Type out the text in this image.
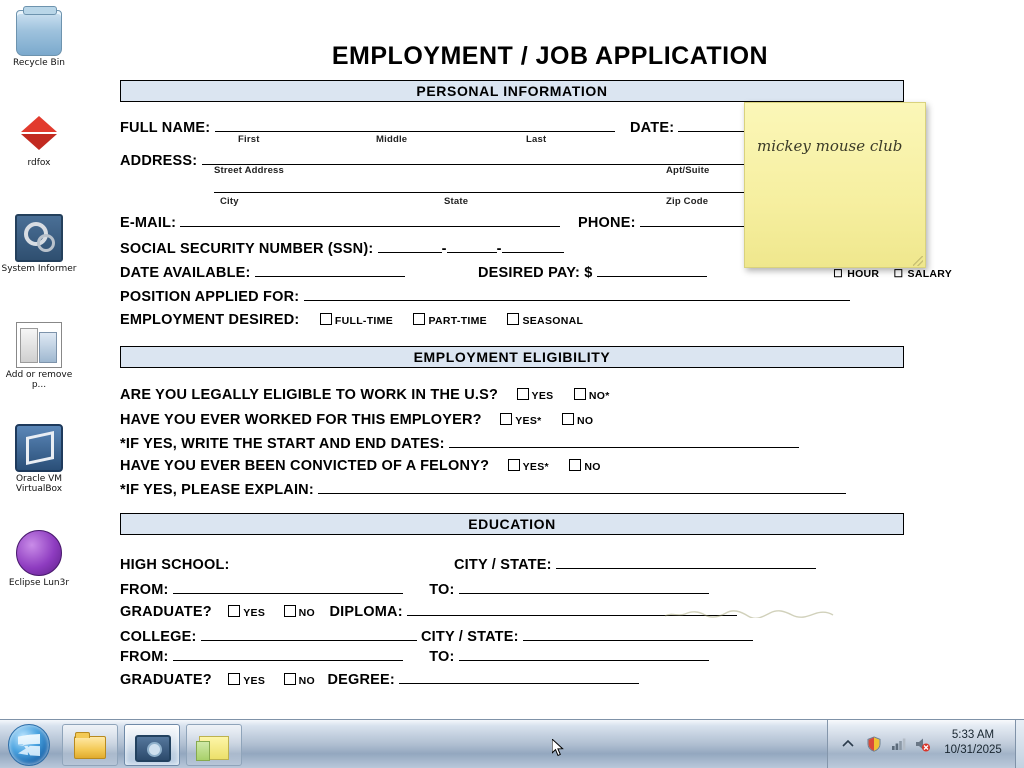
Recycle Bin
rdfox
System Informer
Add or remove p...
Oracle VM VirtualBox
Eclipse Lun3r
EMPLOYMENT / JOB APPLICATION
PERSONAL INFORMATION
FULL NAME:	DATE:
First	Middle	Last
ADDRESS:
Street Address	Apt/Suite
City	State	Zip Code
E-MAIL:	PHONE:
SOCIAL SECURITY NUMBER (SSN):	-	-
DATE AVAILABLE:	DESIRED PAY: $	☐ HOUR ☐ SALARY
POSITION APPLIED FOR:
EMPLOYMENT DESIRED:	FULL-TIME	PART-TIME	SEASONAL
EMPLOYMENT ELIGIBILITY
ARE YOU LEGALLY ELIGIBLE TO WORK IN THE U.S?	YES	NO*
HAVE YOU EVER WORKED FOR THIS EMPLOYER?	YES*	NO
*IF YES, WRITE THE START AND END DATES:
HAVE YOU EVER BEEN CONVICTED OF A FELONY?	YES*	NO
*IF YES, PLEASE EXPLAIN:
EDUCATION
HIGH SCHOOL:	CITY / STATE:
FROM:	TO:
GRADUATE?	YES	NO DIPLOMA:
COLLEGE:	CITY / STATE:
FROM:	TO:
GRADUATE?	YES	NO DEGREE:
mickey mouse club
5:33 AM
10/31/2025
